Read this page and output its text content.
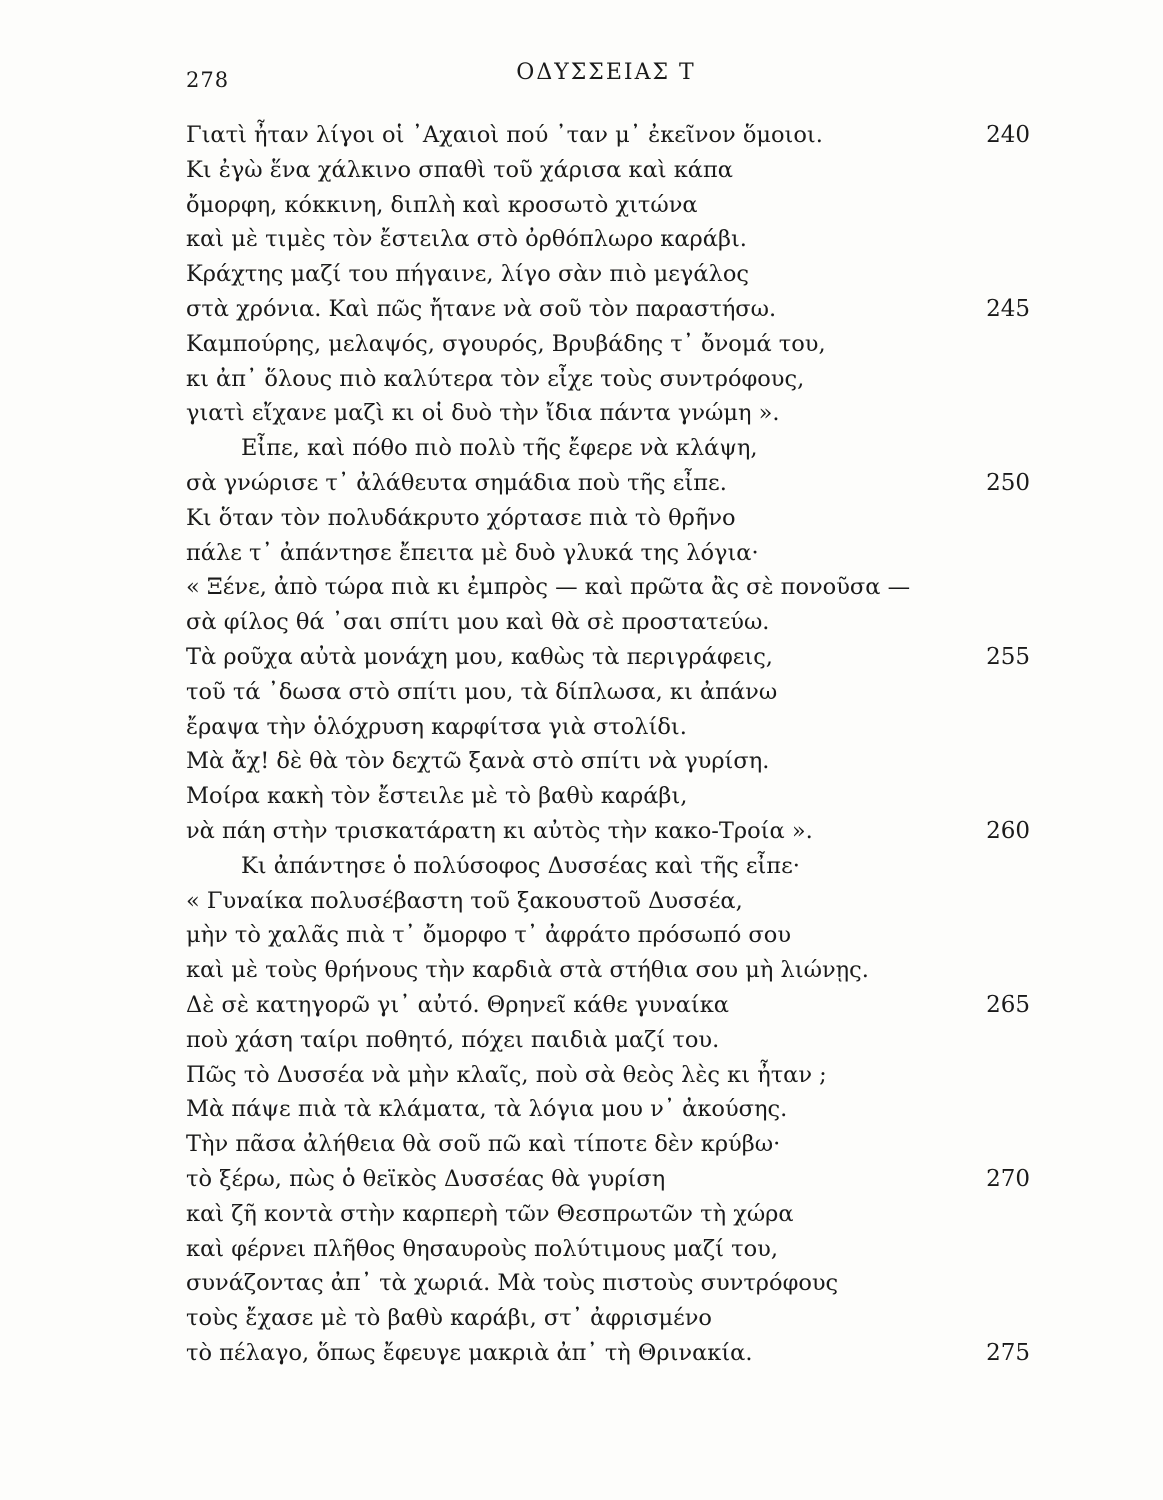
278	ΟΔΥΣΣΕΙΑΣ Τ
Γιατὶ ἦταν λίγοι οἱ ᾿Αχαιοὶ πού ᾿ταν μ᾿ ἐκεῖνον ὅμοιοι.	240
Κι ἐγὼ ἕνα χάλκινο σπαθὶ τοῦ χάρισα καὶ κάπα
ὄμορφη, κόκκινη, διπλὴ καὶ κροσωτὸ χιτώνα
καὶ μὲ τιμὲς τὸν ἔστειλα στὸ ὀρθόπλωρο καράβι.
Κράχτης μαζί του πήγαινε, λίγο σὰν πιὸ μεγάλος
στὰ χρόνια. Καὶ πῶς ἤτανε νὰ σοῦ τὸν παραστήσω.	245
Καμπούρης, μελαψός, σγουρός, Βρυβάδης τ᾿ ὄνομά του,
κι ἀπ᾿ ὅλους πιὸ καλύτερα τὸν εἶχε τοὺς συντρόφους,
γιατὶ εἴχανε μαζὶ κι οἱ δυὸ τὴν ἴδια πάντα γνώμη ».
Εἶπε, καὶ πόθο πιὸ πολὺ τῆς ἔφερε νὰ κλάψη,
σὰ γνώρισε τ᾿ ἀλάθευτα σημάδια ποὺ τῆς εἶπε.	250
Κι ὅταν τὸν πολυδάκρυτο χόρτασε πιὰ τὸ θρῆνο
πάλε τ᾿ ἀπάντησε ἔπειτα μὲ δυὸ γλυκά της λόγια·
« Ξένε, ἀπὸ τώρα πιὰ κι ἐμπρὸς — καὶ πρῶτα ἂς σὲ πονοῦσα —
σὰ φίλος θά ᾿σαι σπίτι μου καὶ θὰ σὲ προστατεύω.
Τὰ ροῦχα αὐτὰ μονάχη μου, καθὼς τὰ περιγράφεις,	255
τοῦ τά ᾿δωσα στὸ σπίτι μου, τὰ δίπλωσα, κι ἀπάνω
ἔραψα τὴν ὁλόχρυση καρφίτσα γιὰ στολίδι.
Μὰ ἄχ! δὲ θὰ τὸν δεχτῶ ξανὰ στὸ σπίτι νὰ γυρίση.
Μοίρα κακὴ τὸν ἔστειλε μὲ τὸ βαθὺ καράβι,
νὰ πάη στὴν τρισκατάρατη κι αὐτὸς τὴν κακο-Τροία ».	260
Κι ἀπάντησε ὁ πολύσοφος Δυσσέας καὶ τῆς εἶπε·
« Γυναίκα πολυσέβαστη τοῦ ξακουστοῦ Δυσσέα,
μὴν τὸ χαλᾶς πιὰ τ᾿ ὄμορφο τ᾿ ἀφράτο πρόσωπό σου
καὶ μὲ τοὺς θρήνους τὴν καρδιὰ στὰ στήθια σου μὴ λιώνῃς.
Δὲ σὲ κατηγορῶ γι᾿ αὐτό. Θρηνεῖ κάθε γυναίκα	265
ποὺ χάση ταίρι ποθητό, πόχει παιδιὰ μαζί του.
Πῶς τὸ Δυσσέα νὰ μὴν κλαῖς, ποὺ σὰ θεὸς λὲς κι ἦταν ;
Μὰ πάψε πιὰ τὰ κλάματα, τὰ λόγια μου ν᾿ ἀκούσης.
Τὴν πᾶσα ἀλήθεια θὰ σοῦ πῶ καὶ τίποτε δὲν κρύβω·
τὸ ξέρω, πὼς ὁ θεϊκὸς Δυσσέας θὰ γυρίση	270
καὶ ζῆ κοντὰ στὴν καρπερὴ τῶν Θεσπρωτῶν τὴ χώρα
καὶ φέρνει πλῆθος θησαυροὺς πολύτιμους μαζί του,
συνάζοντας ἀπ᾿ τὰ χωριά. Μὰ τοὺς πιστοὺς συντρόφους
τοὺς ἔχασε μὲ τὸ βαθὺ καράβι, στ᾿ ἀφρισμένο
τὸ πέλαγο, ὅπως ἔφευγε μακριὰ ἀπ᾿ τὴ Θρινακία.	275
